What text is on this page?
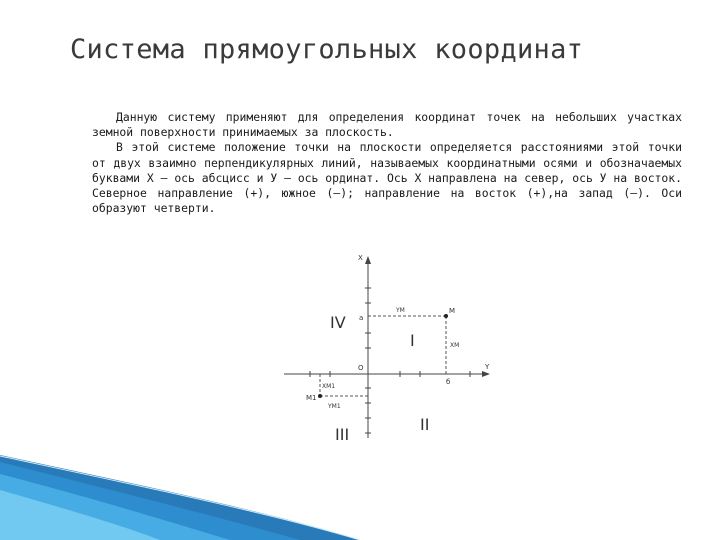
Система прямоугольных координат

Данную систему применяют для определения координат точек на небольших участках земной поверхности принимаемых за плоскость.

В этой системе положение точки на плоскости определяется расстояниями этой точки от двух взаимно перпендикулярных линий, называемых координатными осями и обозначаемых буквами X — ось абсцисс и У — ось ординат. Ось X направлена на север, ось У на восток. Северное направление (+), южное (–); направление на восток (+),на запад (–). Оси образуют четверти.

X
Y
O
a
б
YM
XM
M
M1
XM1
YM1
IV
I
III
II
